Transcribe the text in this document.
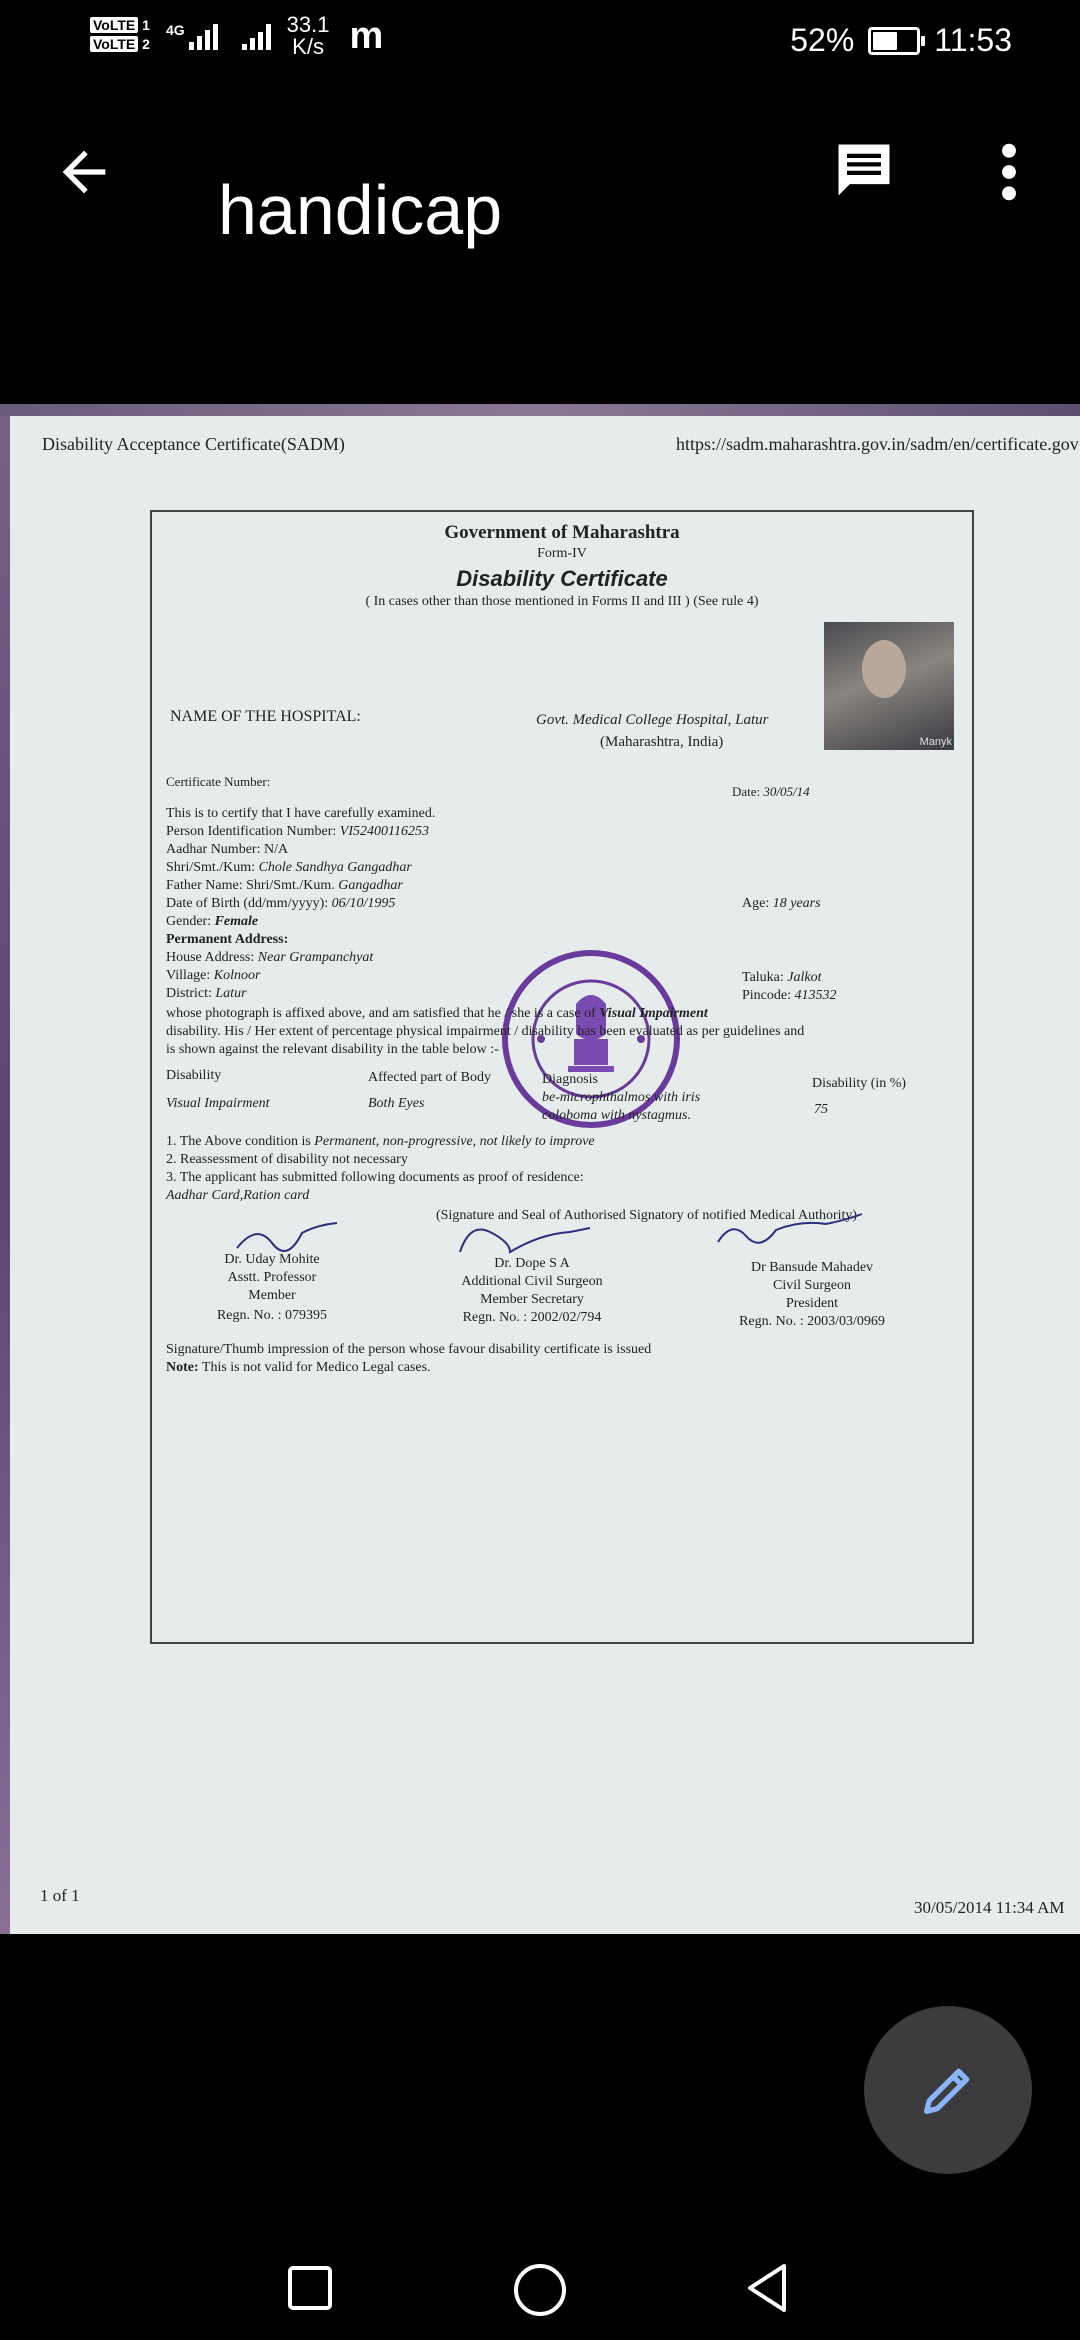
VoLTE 1
VoLTE 2
4G	33.1
K/s m	52%	11:53
handicap
Disability Acceptance Certificate(SADM)	https://sadm.maharashtra.gov.in/sadm/en/certificate.gov
Government of Maharashtra
Form-IV
Disability Certificate
( In cases other than those mentioned in Forms II and III ) (See rule 4)
Manyk
NAME OF THE HOSPITAL:	Govt. Medical College Hospital, Latur
(Maharashtra, India)
Certificate Number:
Date: 30/05/14
This is to certify that I have carefully examined.
Person Identification Number: VI52400116253
Aadhar Number: N/A
Shri/Smt./Kum: Chole Sandhya Gangadhar
Father Name: Shri/Smt./Kum. Gangadhar
Date of Birth (dd/mm/yyyy): 06/10/1995	Age: 18 years
Gender: Female
Permanent Address:
House Address: Near Grampanchyat
Village: Kolnoor
District: Latur
Taluka: Jalkot
Pincode: 413532
whose photograph is affixed above, and am satisfied that he / she is a case of Visual Impairment
disability. His / Her extent of percentage physical impairment / disability has been evaluated as per guidelines and
is shown against the relevant disability in the table below :-
Disability	Affected part of Body	Diagnosis	Disability (in %)
Visual Impairment	Both Eyes	be-microphthalmos with iris
coloboma with nystagmus.	75
1. The Above condition is Permanent, non-progressive, not likely to improve
2. Reassessment of disability not necessary
3. The applicant has submitted following documents as proof of residence:
Aadhar Card,Ration card
(Signature and Seal of Authorised Signatory of notified Medical Authority)
Dr. Uday Mohite
Asstt. Professor
Member
Regn. No. : 079395
Dr. Dope S A
Additional Civil Surgeon
Member Secretary
Regn. No. : 2002/02/794
Dr Bansude Mahadev
Civil Surgeon
President
Regn. No. : 2003/03/0969
Signature/Thumb impression of the person whose favour disability certificate is issued
Note: This is not valid for Medico Legal cases.
1 of 1
30/05/2014 11:34 AM
